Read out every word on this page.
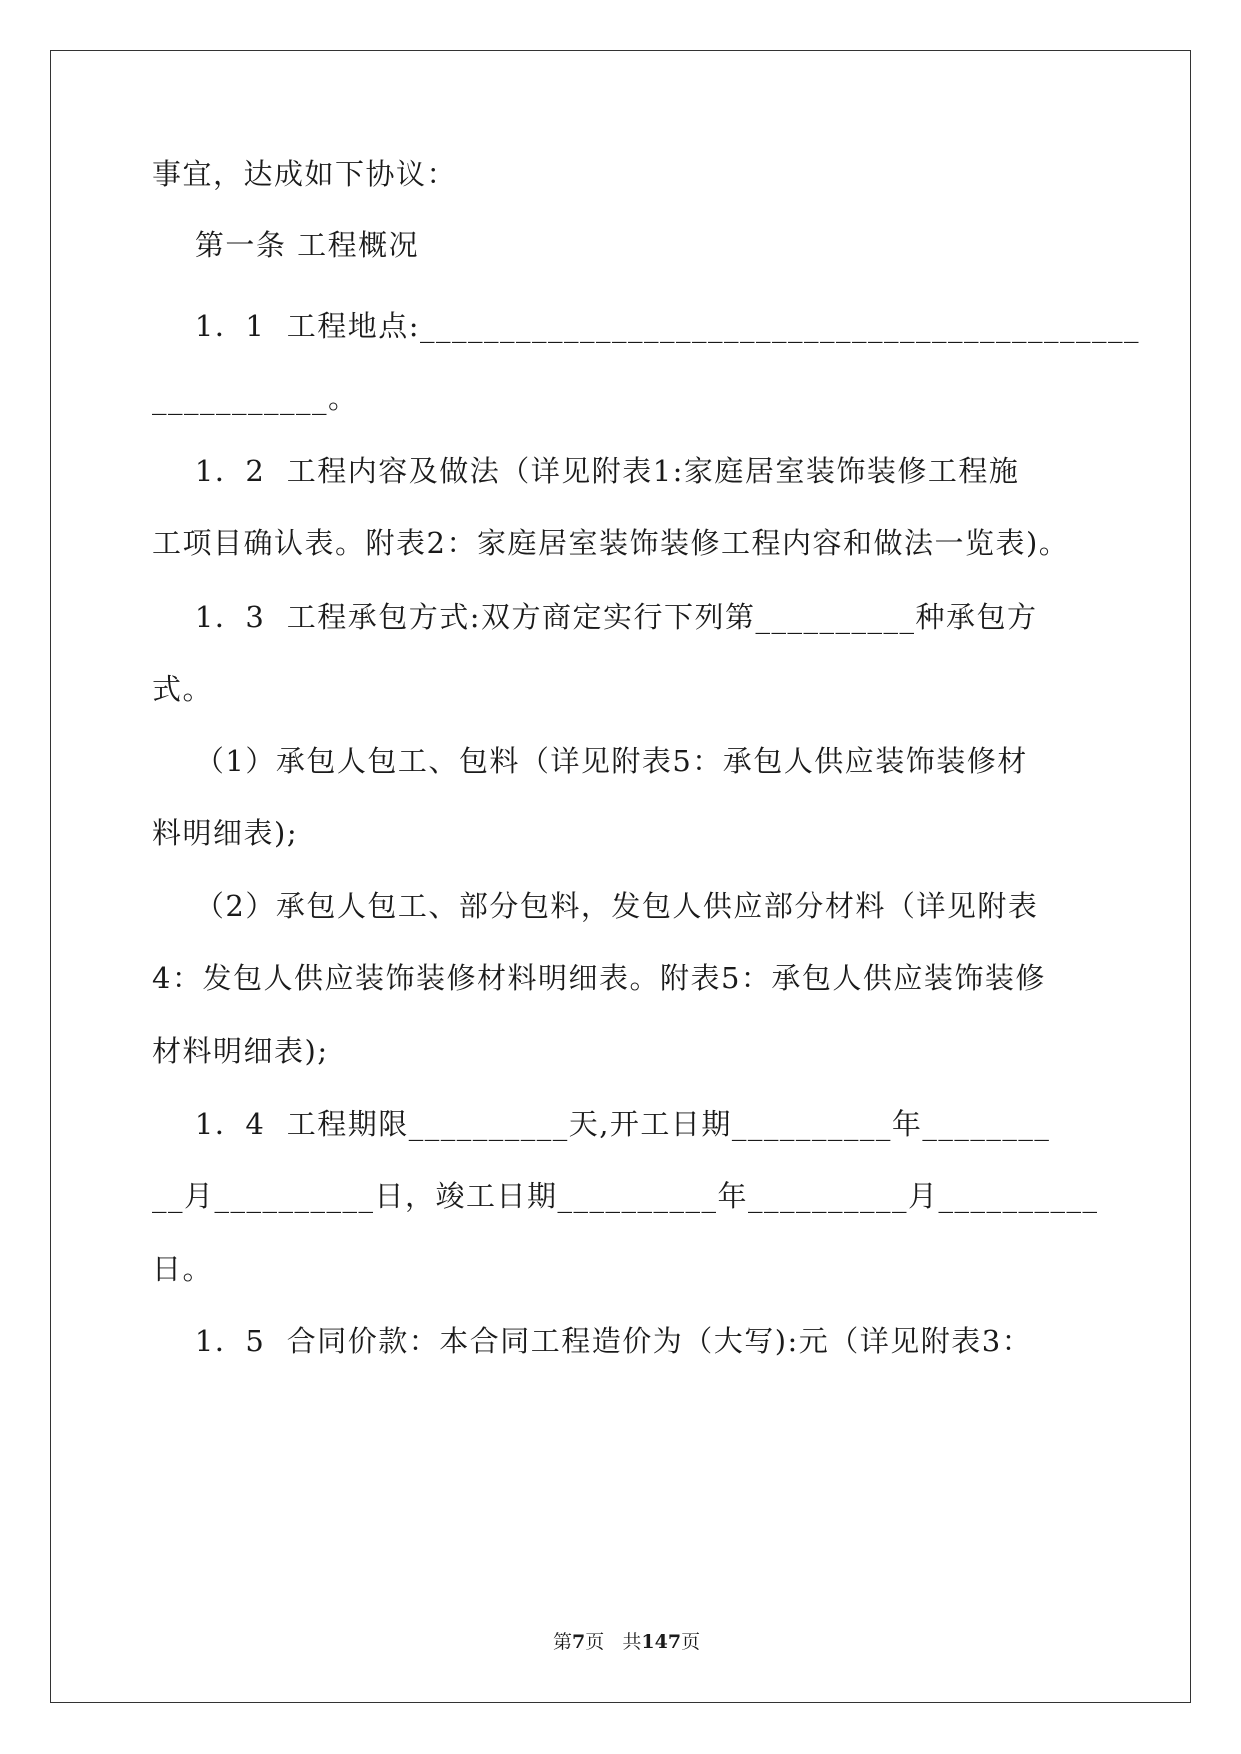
事宜，达成如下协议：
第一条 工程概况
1．1  工程地点:_____________________________________________
___________。
1．2  工程内容及做法（详见附表1:家庭居室装饰装修工程施
工项目确认表。附表2：家庭居室装饰装修工程内容和做法一览表)。
1．3  工程承包方式:双方商定实行下列第__________种承包方
式。
（1）承包人包工、包料（详见附表5：承包人供应装饰装修材
料明细表);
（2）承包人包工、部分包料，发包人供应部分材料（详见附表
4：发包人供应装饰装修材料明细表。附表5：承包人供应装饰装修
材料明细表);
1．4  工程期限__________天,开工日期__________年________
__月__________日，竣工日期__________年__________月__________
日。
1．5  合同价款：本合同工程造价为（大写):元（详见附表3：

第7页   共147页
